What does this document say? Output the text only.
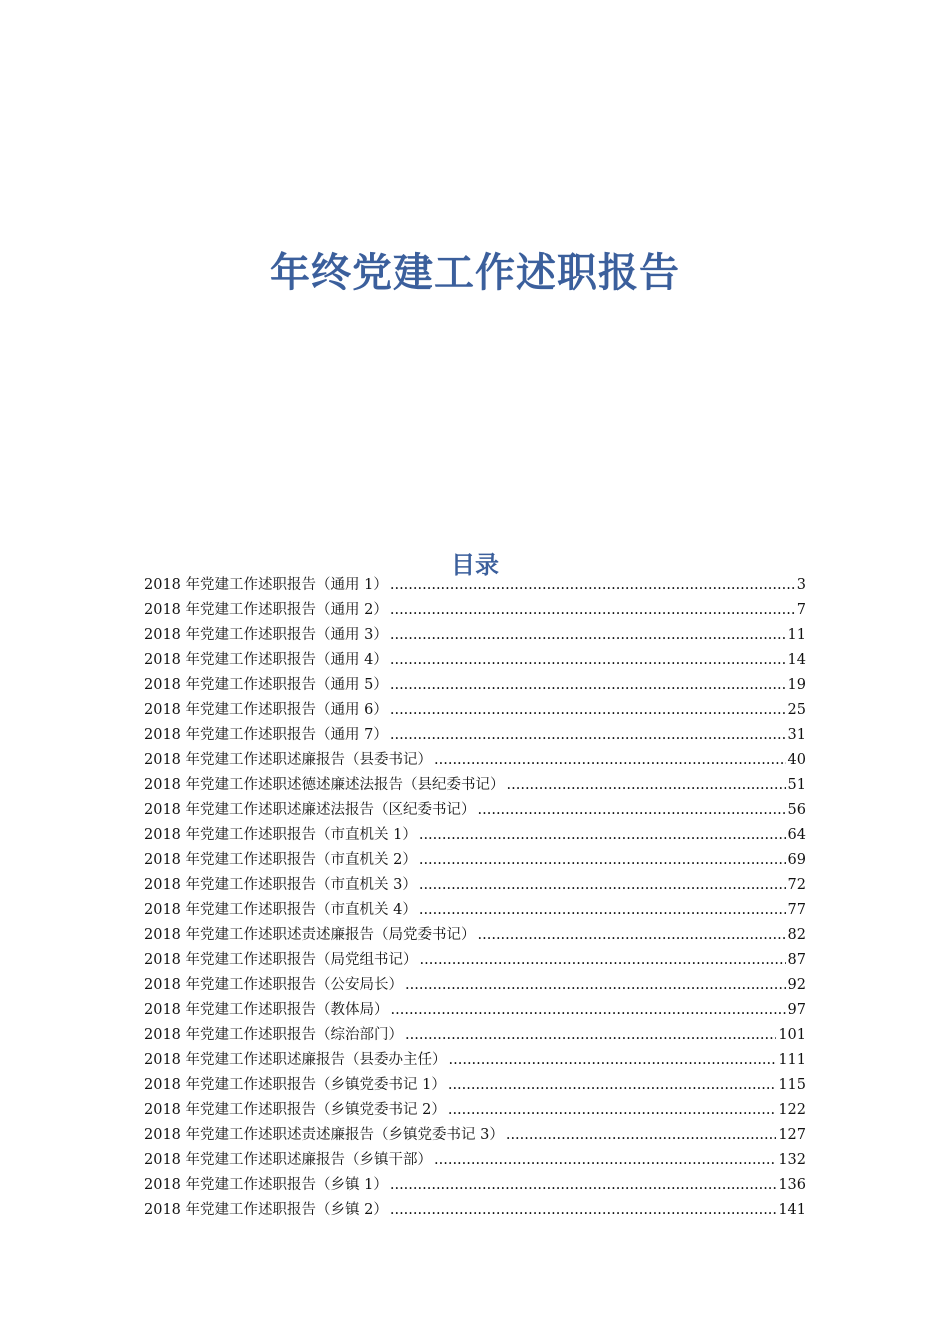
年终党建工作述职报告
目录
2018 年党建工作述职报告（通用 1） .....	3
2018 年党建工作述职报告（通用 2） .....	7
2018 年党建工作述职报告（通用 3） .....	11
2018 年党建工作述职报告（通用 4） .....	14
2018 年党建工作述职报告（通用 5） .....	19
2018 年党建工作述职报告（通用 6） .....	25
2018 年党建工作述职报告（通用 7） .....	31
2018 年党建工作述职述廉报告（县委书记） .....	40
2018 年党建工作述职述德述廉述法报告（县纪委书记） .....	51
2018 年党建工作述职述廉述法报告（区纪委书记） .....	56
2018 年党建工作述职报告（市直机关 1） .....	64
2018 年党建工作述职报告（市直机关 2） .....	69
2018 年党建工作述职报告（市直机关 3） .....	72
2018 年党建工作述职报告（市直机关 4） .....	77
2018 年党建工作述职述责述廉报告（局党委书记） .....	82
2018 年党建工作述职报告（局党组书记） .....	87
2018 年党建工作述职报告（公安局长） .....	92
2018 年党建工作述职报告（教体局） .....	97
2018 年党建工作述职报告（综治部门） .....	101
2018 年党建工作述职述廉报告（县委办主任） .....	111
2018 年党建工作述职报告（乡镇党委书记 1） .....	115
2018 年党建工作述职报告（乡镇党委书记 2） .....	122
2018 年党建工作述职述责述廉报告（乡镇党委书记 3） .....	127
2018 年党建工作述职述廉报告（乡镇干部） .....	132
2018 年党建工作述职报告（乡镇 1） .....	136
2018 年党建工作述职报告（乡镇 2） .....	141
